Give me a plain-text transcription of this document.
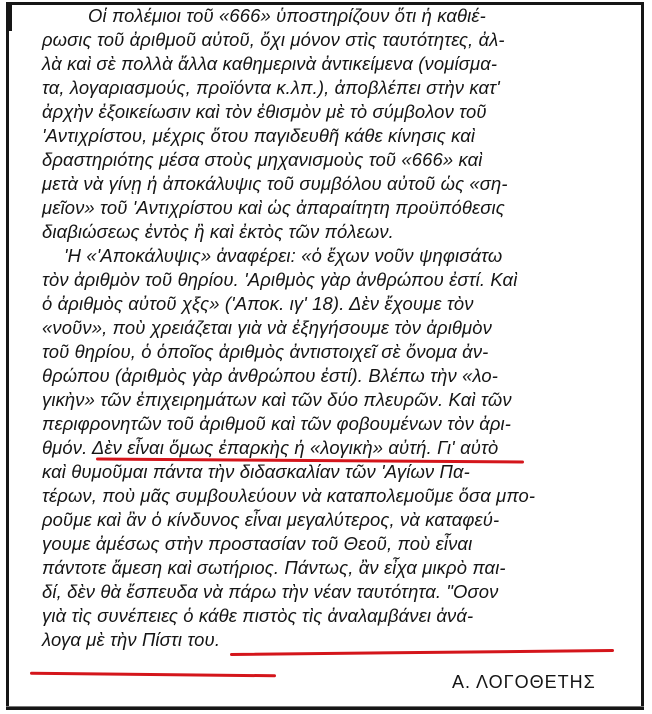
Οἱ πολέμιοι τοῦ «666» ὑποστηρίζουν ὅτι ἡ καθιέ-
ρωσις τοῦ ἀριθμοῦ αὐτοῦ, ὄχι μόνον στὶς ταυτότητες, ἀλ-
λὰ καὶ σὲ πολλὰ ἄλλα καθημερινὰ ἀντικείμενα (νομίσμα-
τα, λογαριασμούς, προϊόντα κ.λπ.), ἀποβλέπει στὴν κατ'
ἀρχὴν ἐξοικείωσιν καὶ τὸν ἐθισμὸν μὲ τὸ σύμβολον τοῦ
'Αντιχρίστου, μέχρις ὅτου παγιδευθῆ κάθε κίνησις καὶ
δραστηριότης μέσα στοὺς μηχανισμοὺς τοῦ «666» καὶ
μετὰ νὰ γίνῃ ἡ ἀποκάλυψις τοῦ συμβόλου αὐτοῦ ὡς «ση-
μεῖον» τοῦ 'Αντιχρίστου καὶ ὡς ἀπαραίτητη προϋπόθεσις
διαβιώσεως ἐντὸς ἢ καὶ ἐκτὸς τῶν πόλεων.
'Η «'Αποκάλυψις» ἀναφέρει: «ὁ ἔχων νοῦν ψηφισάτω
τὸν ἀριθμὸν τοῦ θηρίου. 'Αριθμὸς γὰρ ἀνθρώπου ἐστί. Καὶ
ὁ ἀριθμὸς αὐτοῦ χξς» ('Αποκ. ιγ' 18). Δὲν ἔχουμε τὸν
«νοῦν», ποὺ χρειάζεται γιὰ νὰ ἐξηγήσουμε τὸν ἀριθμὸν
τοῦ θηρίου, ὁ ὁποῖος ἀριθμὸς ἀντιστοιχεῖ σὲ ὄνομα ἀν-
θρώπου (ἀριθμὸς γὰρ ἀνθρώπου ἐστί). Βλέπω τὴν «λο-
γικὴν» τῶν ἐπιχειρημάτων καὶ τῶν δύο πλευρῶν. Καὶ τῶν
περιφρονητῶν τοῦ ἀριθμοῦ καὶ τῶν φοβουμένων τὸν ἀρι-
θμόν. Δὲν εἶναι ὅμως ἐπαρκὴς ἡ «λογικὴ» αὐτή. Γι' αὐτὸ
καὶ θυμοῦμαι πάντα τὴν διδασκαλίαν τῶν 'Αγίων Πα-
τέρων, ποὺ μᾶς συμβουλεύουν νὰ καταπολεμοῦμε ὅσα μπο-
ροῦμε καὶ ἂν ὁ κίνδυνος εἶναι μεγαλύτερος, νὰ καταφεύ-
γουμε ἀμέσως στὴν προστασίαν τοῦ Θεοῦ, ποὺ εἶναι
πάντοτε ἄμεση καὶ σωτήριος. Πάντως, ἂν εἶχα μικρὸ παι-
δί, δὲν θὰ ἔσπευδα νὰ πάρω τὴν νέαν ταυτότητα. "Οσον
γιὰ τὶς συνέπειες ὁ κάθε πιστὸς τὶς ἀναλαμβάνει ἀνά-
λογα μὲ τὴν Πίστι του.
Α. ΛΟΓΟΘΕΤΗΣ
